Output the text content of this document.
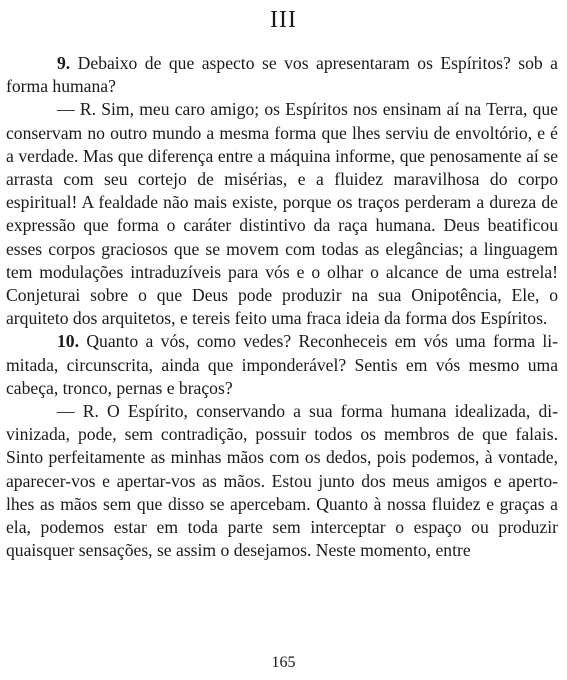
III

9. Debaixo de que aspecto se vos apresentaram os Espíritos? sob a forma humana?

— R. Sim, meu caro amigo; os Espíritos nos ensinam aí na Terra, que conservam no outro mundo a mesma forma que lhes serviu de envoltório, e é a verdade. Mas que diferença entre a máquina informe, que penosamente aí se arrasta com seu cortejo de misérias, e a fluidez maravilhosa do corpo espiritual! A fealdade não mais existe, porque os traços perderam a dureza de expressão que forma o caráter distintivo da raça humana. Deus beatificou esses corpos graciosos que se movem com todas as elegâncias; a linguagem tem modulações intraduzíveis para vós e o olhar o alcance de uma estrela! Conjeturai sobre o que Deus pode produzir na sua Onipotência, Ele, o arquiteto dos arquitetos, e tereis feito uma fraca ideia da forma dos Espíritos.

10. Quanto a vós, como vedes? Reconheceis em vós uma forma limitada, circunscrita, ainda que imponderável? Sentis em vós mesmo uma cabeça, tronco, pernas e braços?

— R. O Espírito, conservando a sua forma humana idealizada, divinizada, pode, sem contradição, possuir todos os membros de que falais. Sinto perfeitamente as minhas mãos com os dedos, pois podemos, à vontade, aparecer-vos e apertar-vos as mãos. Estou junto dos meus amigos e aperto-lhes as mãos sem que disso se apercebam. Quanto à nossa fluidez e graças a ela, podemos estar em toda parte sem interceptar o espaço ou produzir quaisquer sensações, se assim o desejamos. Neste momento, entre

165
